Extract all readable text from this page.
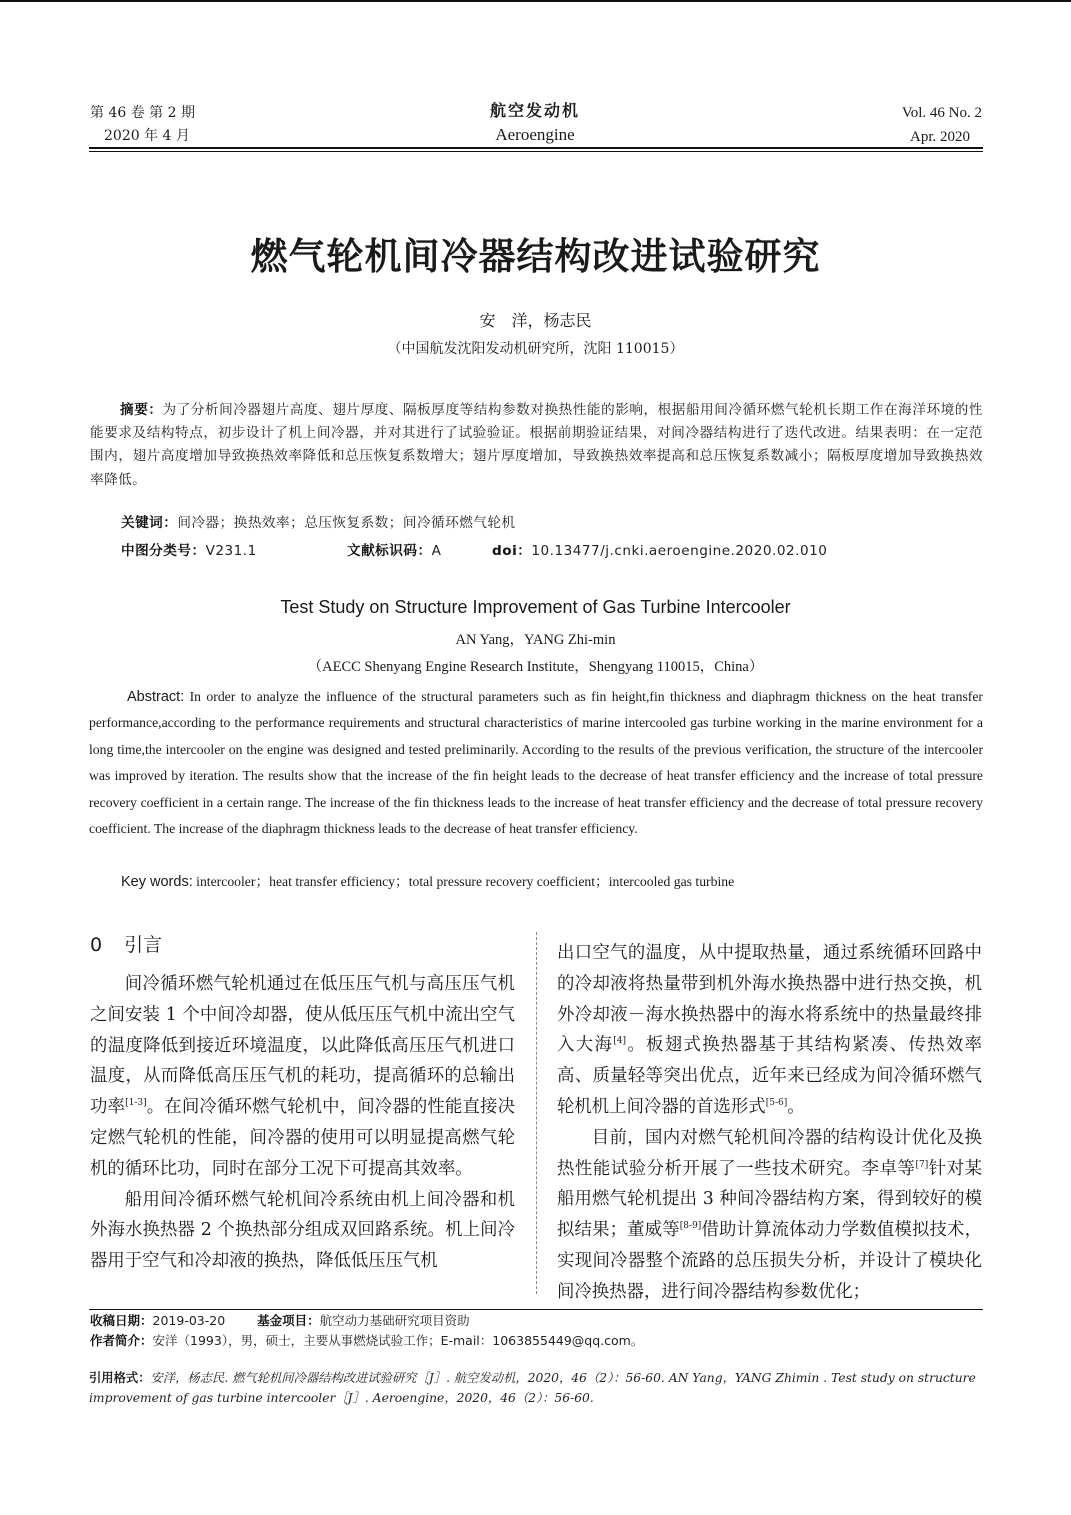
第 46 卷 第 2 期
2020 年 4 月
航空发动机
Aeroengine
Vol. 46 No. 2
Apr. 2020
燃气轮机间冷器结构改进试验研究
安　洋，杨志民
（中国航发沈阳发动机研究所，沈阳 110015）
摘要：为了分析间冷器翅片高度、翅片厚度、隔板厚度等结构参数对换热性能的影响，根据船用间冷循环燃气轮机长期工作在海洋环境的性能要求及结构特点，初步设计了机上间冷器，并对其进行了试验验证。根据前期验证结果，对间冷器结构进行了迭代改进。结果表明：在一定范围内，翅片高度增加导致换热效率降低和总压恢复系数增大；翅片厚度增加，导致换热效率提高和总压恢复系数减小；隔板厚度增加导致换热效率降低。
关键词：间冷器；换热效率；总压恢复系数；间冷循环燃气轮机
中图分类号：V231.1	文献标识码：A	doi：10.13477/j.cnki.aeroengine.2020.02.010
Test Study on Structure Improvement of Gas Turbine Intercooler
AN Yang，YANG Zhi-min
（AECC Shenyang Engine Research Institute，Shengyang 110015，China）
Abstract: In order to analyze the influence of the structural parameters such as fin height,fin thickness and diaphragm thickness on the heat transfer performance,according to the performance requirements and structural characteristics of marine intercooled gas turbine working in the marine environment for a long time,the intercooler on the engine was designed and tested preliminarily. According to the results of the previous verification, the structure of the intercooler was improved by iteration. The results show that the increase of the fin height leads to the decrease of heat transfer efficiency and the increase of total pressure recovery coefficient in a certain range. The increase of the fin thickness leads to the increase of heat transfer efficiency and the decrease of total pressure recovery coefficient. The increase of the diaphragm thickness leads to the decrease of heat transfer efficiency.
Key words: intercooler；heat transfer efficiency；total pressure recovery coefficient；intercooled gas turbine
0 引言

间冷循环燃气轮机通过在低压压气机与高压压气机之间安装 1 个中间冷却器，使从低压压气机中流出空气的温度降低到接近环境温度，以此降低高压压气机进口温度，从而降低高压压气机的耗功，提高循环的总输出功率[1-3]。在间冷循环燃气轮机中，间冷器的性能直接决定燃气轮机的性能，间冷器的使用可以明显提高燃气轮机的循环比功，同时在部分工况下可提高其效率。

船用间冷循环燃气轮机间冷系统由机上间冷器和机外海水换热器 2 个换热部分组成双回路系统。机上间冷器用于空气和冷却液的换热，降低低压压气机

出口空气的温度，从中提取热量，通过系统循环回路中的冷却液将热量带到机外海水换热器中进行热交换，机外冷却液－海水换热器中的海水将系统中的热量最终排入大海[4]。板翅式换热器基于其结构紧凑、传热效率高、质量轻等突出优点，近年来已经成为间冷循环燃气轮机机上间冷器的首选形式[5-6]。

目前，国内对燃气轮机间冷器的结构设计优化及换热性能试验分析开展了一些技术研究。李卓等[7]针对某船用燃气轮机提出 3 种间冷器结构方案，得到较好的模拟结果；董威等[8-9]借助计算流体动力学数值模拟技术，实现间冷器整个流路的总压损失分析，并设计了模块化间冷换热器，进行间冷器结构参数优化；

收稿日期：2019-03-20	基金项目：航空动力基础研究项目资助
作者简介：安洋（1993），男，硕士，主要从事燃烧试验工作；E-mail：1063855449@qq.com。
引用格式：安洋，杨志民. 燃气轮机间冷器结构改进试验研究［J］. 航空发动机，2020，46（2）：56-60. AN Yang，YANG Zhimin . Test study on structure improvement of gas turbine intercooler［J］. Aeroengine，2020，46（2）：56-60.
